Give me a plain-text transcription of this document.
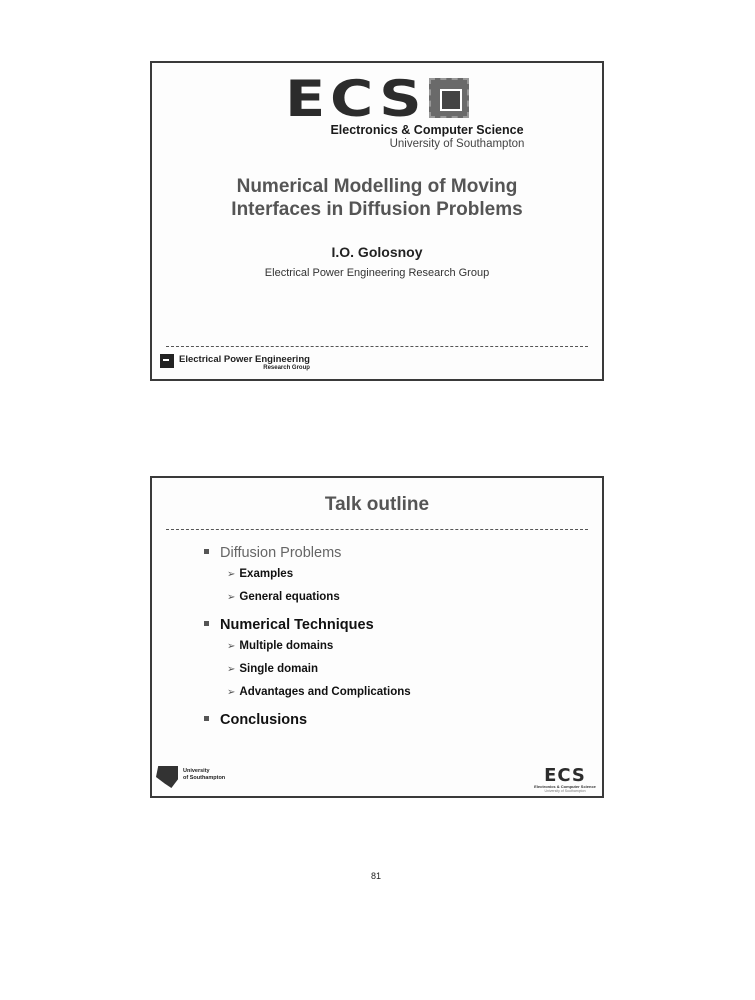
ECS
Electronics & Computer Science
University of Southampton
Numerical Modelling of Moving
Interfaces in Diffusion Problems
I.O. Golosnoy
Electrical Power Engineering Research Group
Electrical Power Engineering
Research Group
Talk outline
Diffusion Problems
➢ Examples
➢ General equations
Numerical Techniques
➢ Multiple domains
➢ Single domain
➢ Advantages and Complications
Conclusions
University
of Southampton	ECS
Electronics & Computer Science
University of Southampton
81
